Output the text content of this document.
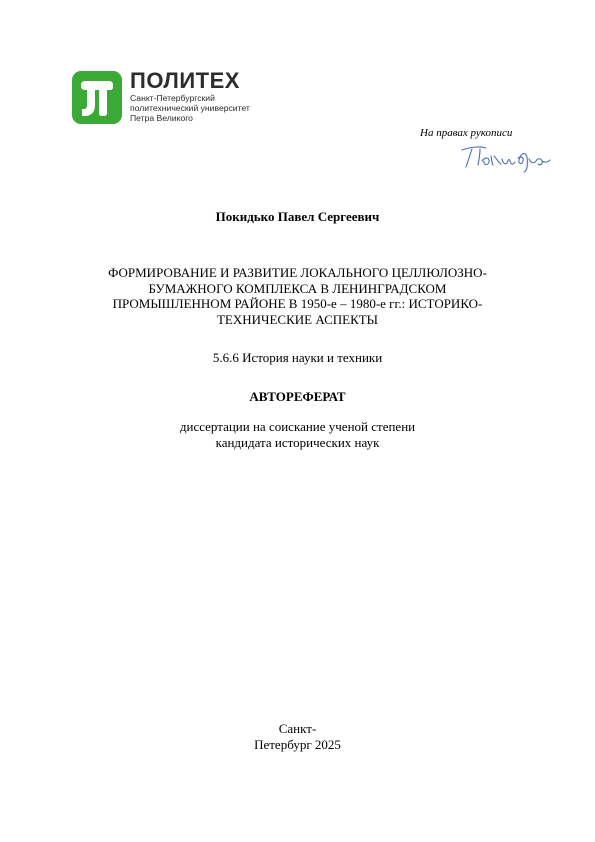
ПОЛИТЕХ
Санкт-Петербургский
политехнический университет
Петра Великого
На правах рукописи
Покидько Павел Сергеевич
ФОРМИРОВАНИЕ И РАЗВИТИЕ ЛОКАЛЬНОГО ЦЕЛЛЮЛОЗНО-
БУМАЖНОГО КОМПЛЕКСА В ЛЕНИНГРАДСКОМ
ПРОМЫШЛЕННОМ РАЙОНЕ В 1950-е – 1980-е гг.: ИСТОРИКО-
ТЕХНИЧЕСКИЕ АСПЕКТЫ
5.6.6 История науки и техники
АВТОРЕФЕРАТ
диссертации на соискание ученой степени
кандидата исторических наук
Санкт-
Петербург 2025
